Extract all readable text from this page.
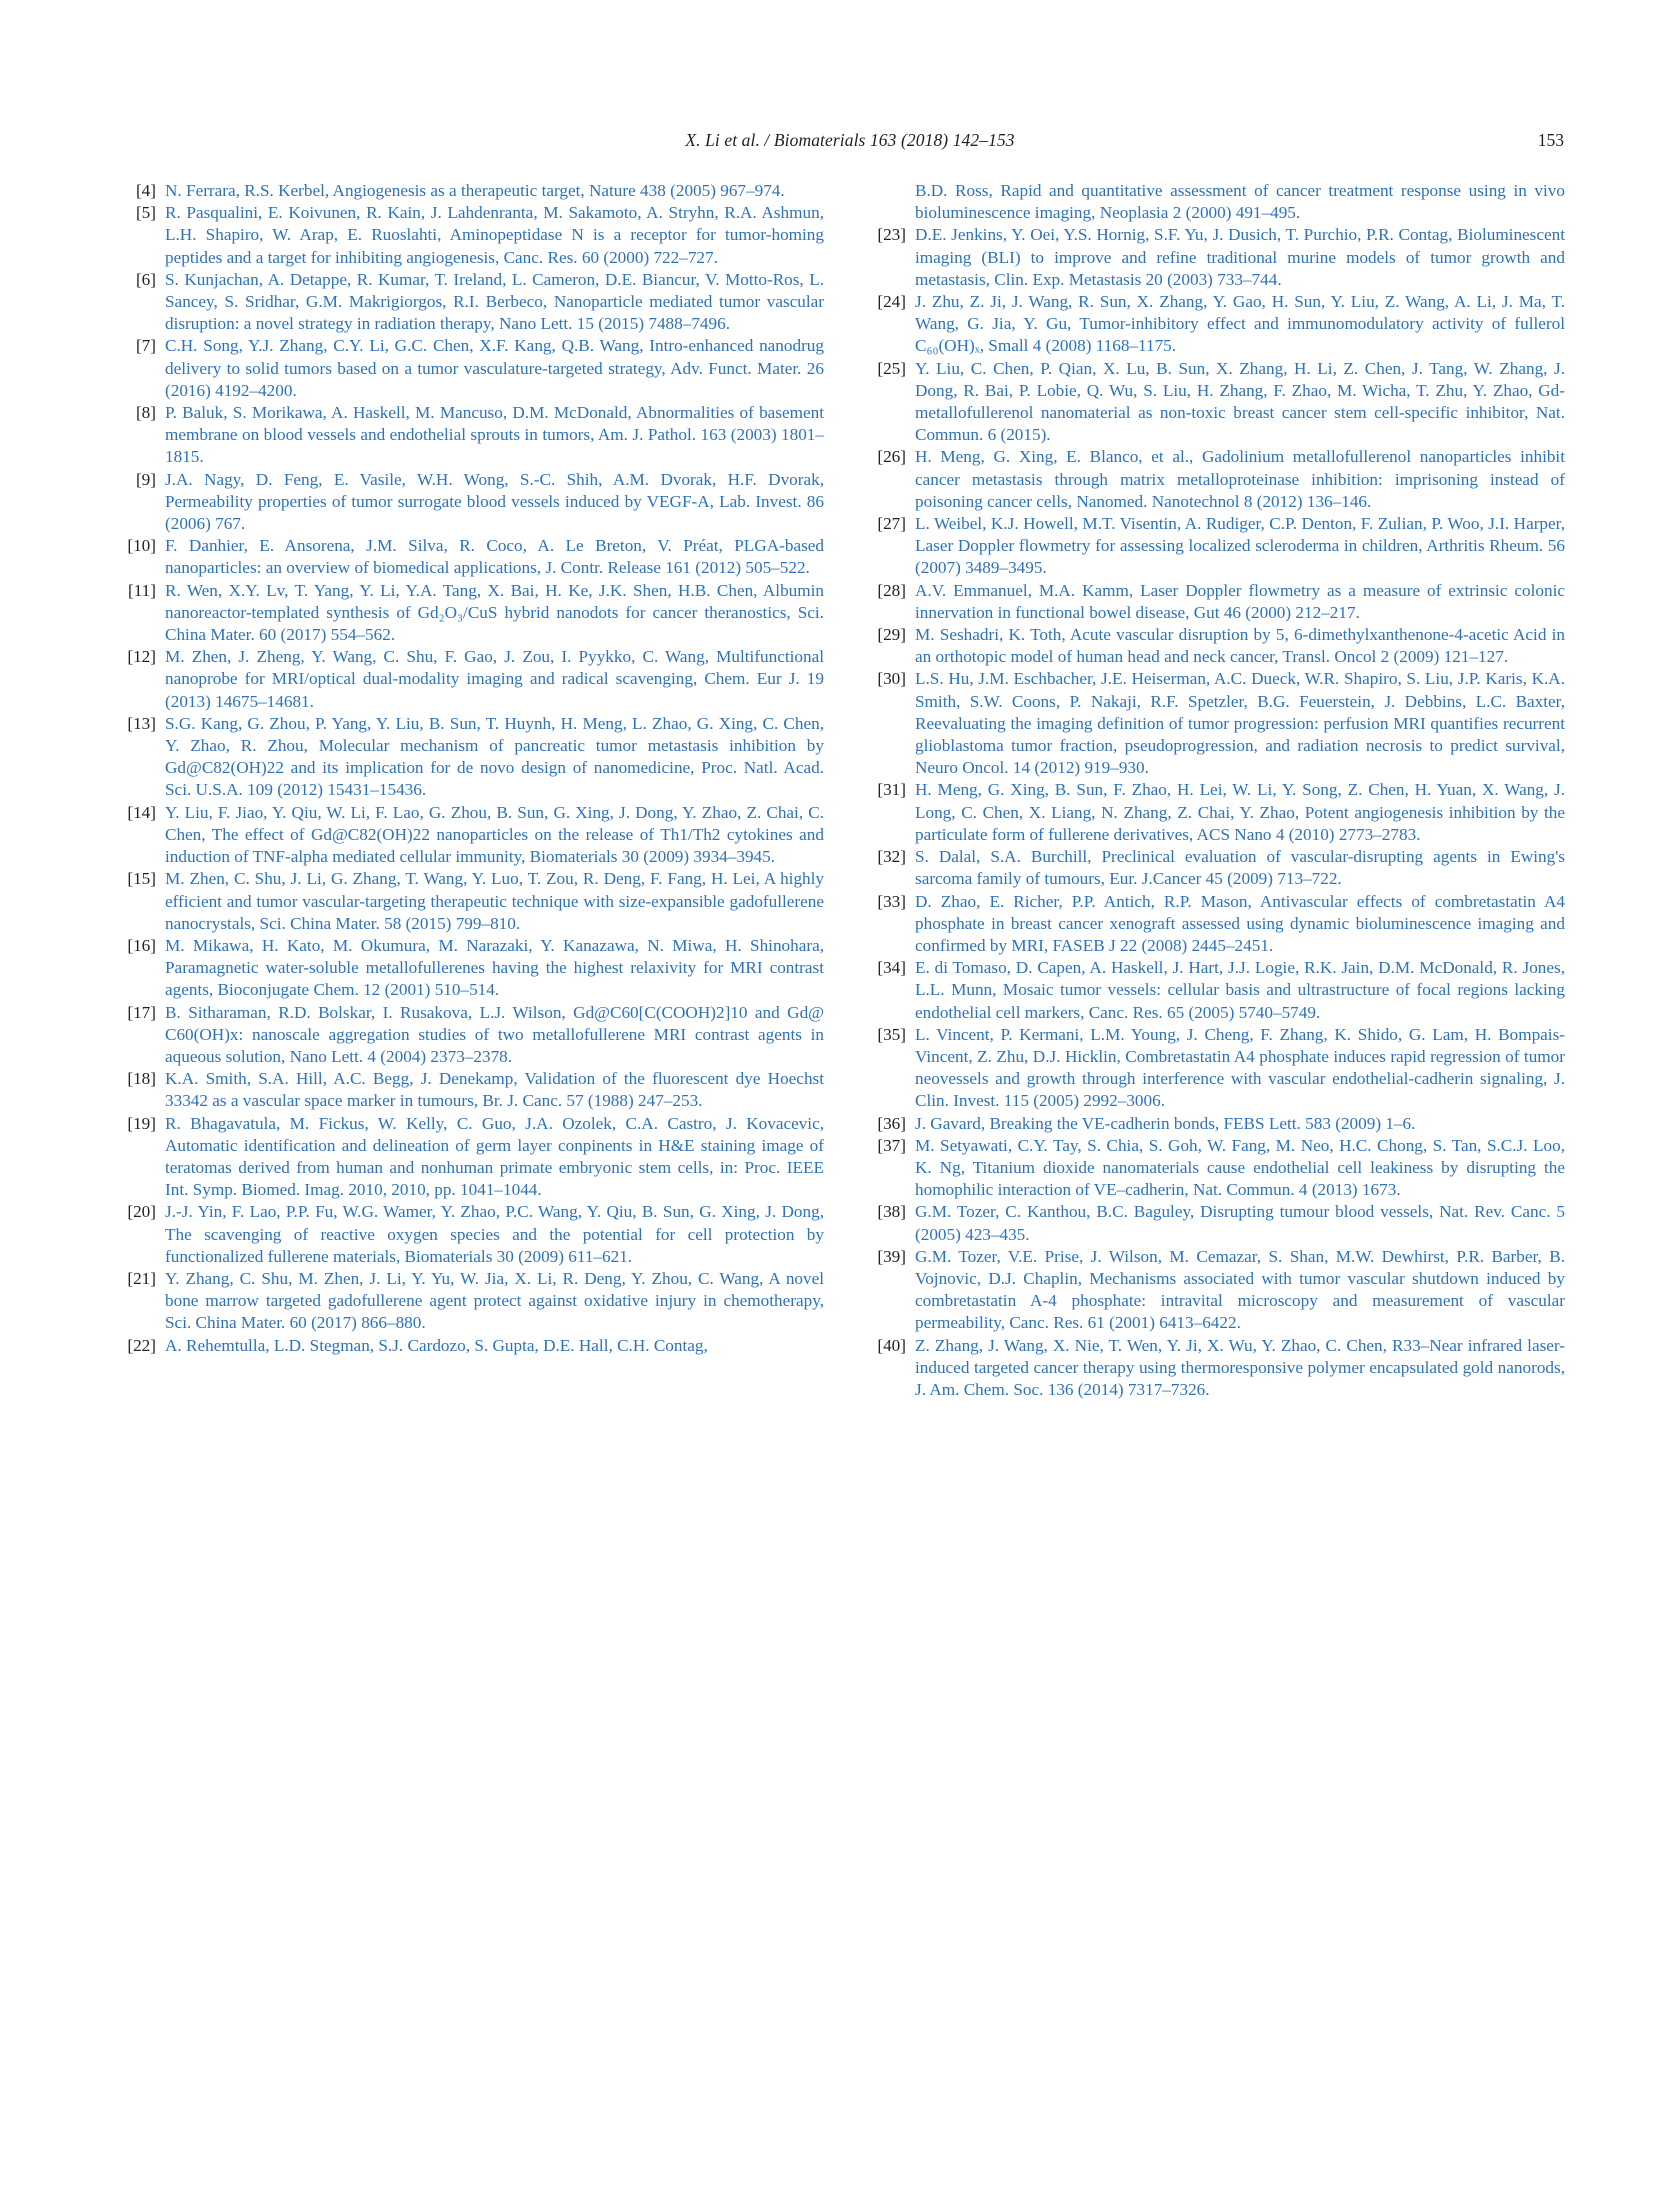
X. Li et al. / Biomaterials 163 (2018) 142–153	153
[4] N. Ferrara, R.S. Kerbel, Angiogenesis as a therapeutic target, Nature 438 (2005) 967–974.
[5] R. Pasqualini, E. Koivunen, R. Kain, J. Lahdenranta, M. Sakamoto, A. Stryhn, R.A. Ashmun, L.H. Shapiro, W. Arap, E. Ruoslahti, Aminopeptidase N is a receptor for tumor-homing peptides and a target for inhibiting angiogenesis, Canc. Res. 60 (2000) 722–727.
[6] S. Kunjachan, A. Detappe, R. Kumar, T. Ireland, L. Cameron, D.E. Biancur, V. Motto-Ros, L. Sancey, S. Sridhar, G.M. Makrigiorgos, R.I. Berbeco, Nanoparticle mediated tumor vascular disruption: a novel strategy in radiation therapy, Nano Lett. 15 (2015) 7488–7496.
[7] C.H. Song, Y.J. Zhang, C.Y. Li, G.C. Chen, X.F. Kang, Q.B. Wang, Intro-enhanced nanodrug delivery to solid tumors based on a tumor vasculature-targeted strategy, Adv. Funct. Mater. 26 (2016) 4192–4200.
[8] P. Baluk, S. Morikawa, A. Haskell, M. Mancuso, D.M. McDonald, Abnormalities of basement membrane on blood vessels and endothelial sprouts in tumors, Am. J. Pathol. 163 (2003) 1801–1815.
[9] J.A. Nagy, D. Feng, E. Vasile, W.H. Wong, S.-C. Shih, A.M. Dvorak, H.F. Dvorak, Permeability properties of tumor surrogate blood vessels induced by VEGF-A, Lab. Invest. 86 (2006) 767.
[10] F. Danhier, E. Ansorena, J.M. Silva, R. Coco, A. Le Breton, V. Préat, PLGA-based nanoparticles: an overview of biomedical applications, J. Contr. Release 161 (2012) 505–522.
[11] R. Wen, X.Y. Lv, T. Yang, Y. Li, Y.A. Tang, X. Bai, H. Ke, J.K. Shen, H.B. Chen, Albumin nanoreactor-templated synthesis of Gd₂O₃/CuS hybrid nanodots for cancer theranostics, Sci. China Mater. 60 (2017) 554–562.
[12] M. Zhen, J. Zheng, Y. Wang, C. Shu, F. Gao, J. Zou, I. Pyykko, C. Wang, Multifunctional nanoprobe for MRI/optical dual-modality imaging and radical scavenging, Chem. Eur J. 19 (2013) 14675–14681.
[13] S.G. Kang, G. Zhou, P. Yang, Y. Liu, B. Sun, T. Huynh, H. Meng, L. Zhao, G. Xing, C. Chen, Y. Zhao, R. Zhou, Molecular mechanism of pancreatic tumor metastasis inhibition by Gd@C82(OH)22 and its implication for de novo design of nanomedicine, Proc. Natl. Acad. Sci. U.S.A. 109 (2012) 15431–15436.
[14] Y. Liu, F. Jiao, Y. Qiu, W. Li, F. Lao, G. Zhou, B. Sun, G. Xing, J. Dong, Y. Zhao, Z. Chai, C. Chen, The effect of Gd@C82(OH)22 nanoparticles on the release of Th1/Th2 cytokines and induction of TNF-alpha mediated cellular immunity, Biomaterials 30 (2009) 3934–3945.
[15] M. Zhen, C. Shu, J. Li, G. Zhang, T. Wang, Y. Luo, T. Zou, R. Deng, F. Fang, H. Lei, A highly efficient and tumor vascular-targeting therapeutic technique with size-expansible gadofullerene nanocrystals, Sci. China Mater. 58 (2015) 799–810.
[16] M. Mikawa, H. Kato, M. Okumura, M. Narazaki, Y. Kanazawa, N. Miwa, H. Shinohara, Paramagnetic water-soluble metallofullerenes having the highest relaxivity for MRI contrast agents, Bioconjugate Chem. 12 (2001) 510–514.
[17] B. Sitharaman, R.D. Bolskar, I. Rusakova, L.J. Wilson, Gd@C60[C(COOH)2]10 and Gd@ C60(OH)x: nanoscale aggregation studies of two metallofullerene MRI contrast agents in aqueous solution, Nano Lett. 4 (2004) 2373–2378.
[18] K.A. Smith, S.A. Hill, A.C. Begg, J. Denekamp, Validation of the fluorescent dye Hoechst 33342 as a vascular space marker in tumours, Br. J. Canc. 57 (1988) 247–253.
[19] R. Bhagavatula, M. Fickus, W. Kelly, C. Guo, J.A. Ozolek, C.A. Castro, J. Kovacevic, Automatic identification and delineation of germ layer conpinents in H&E staining image of teratomas derived from human and nonhuman primate embryonic stem cells, in: Proc. IEEE Int. Symp. Biomed. Imag. 2010, 2010, pp. 1041–1044.
[20] J.-J. Yin, F. Lao, P.P. Fu, W.G. Wamer, Y. Zhao, P.C. Wang, Y. Qiu, B. Sun, G. Xing, J. Dong, The scavenging of reactive oxygen species and the potential for cell protection by functionalized fullerene materials, Biomaterials 30 (2009) 611–621.
[21] Y. Zhang, C. Shu, M. Zhen, J. Li, Y. Yu, W. Jia, X. Li, R. Deng, Y. Zhou, C. Wang, A novel bone marrow targeted gadofullerene agent protect against oxidative injury in chemotherapy, Sci. China Mater. 60 (2017) 866–880.
[22] A. Rehemtulla, L.D. Stegman, S.J. Cardozo, S. Gupta, D.E. Hall, C.H. Contag,
B.D. Ross, Rapid and quantitative assessment of cancer treatment response using in vivo bioluminescence imaging, Neoplasia 2 (2000) 491–495.
[23] D.E. Jenkins, Y. Oei, Y.S. Hornig, S.F. Yu, J. Dusich, T. Purchio, P.R. Contag, Bioluminescent imaging (BLI) to improve and refine traditional murine models of tumor growth and metastasis, Clin. Exp. Metastasis 20 (2003) 733–744.
[24] J. Zhu, Z. Ji, J. Wang, R. Sun, X. Zhang, Y. Gao, H. Sun, Y. Liu, Z. Wang, A. Li, J. Ma, T. Wang, G. Jia, Y. Gu, Tumor-inhibitory effect and immunomodulatory activity of fullerol C₆₀(OH)ₓ, Small 4 (2008) 1168–1175.
[25] Y. Liu, C. Chen, P. Qian, X. Lu, B. Sun, X. Zhang, H. Li, Z. Chen, J. Tang, W. Zhang, J. Dong, R. Bai, P. Lobie, Q. Wu, S. Liu, H. Zhang, F. Zhao, M. Wicha, T. Zhu, Y. Zhao, Gd-metallofullerenol nanomaterial as non-toxic breast cancer stem cell-specific inhibitor, Nat. Commun. 6 (2015).
[26] H. Meng, G. Xing, E. Blanco, et al., Gadolinium metallofullerenol nanoparticles inhibit cancer metastasis through matrix metalloproteinase inhibition: imprisoning instead of poisoning cancer cells, Nanomed. Nanotechnol 8 (2012) 136–146.
[27] L. Weibel, K.J. Howell, M.T. Visentin, A. Rudiger, C.P. Denton, F. Zulian, P. Woo, J.I. Harper, Laser Doppler flowmetry for assessing localized scleroderma in children, Arthritis Rheum. 56 (2007) 3489–3495.
[28] A.V. Emmanuel, M.A. Kamm, Laser Doppler flowmetry as a measure of extrinsic colonic innervation in functional bowel disease, Gut 46 (2000) 212–217.
[29] M. Seshadri, K. Toth, Acute vascular disruption by 5, 6-dimethylxanthenone-4-acetic Acid in an orthotopic model of human head and neck cancer, Transl. Oncol 2 (2009) 121–127.
[30] L.S. Hu, J.M. Eschbacher, J.E. Heiserman, A.C. Dueck, W.R. Shapiro, S. Liu, J.P. Karis, K.A. Smith, S.W. Coons, P. Nakaji, R.F. Spetzler, B.G. Feuerstein, J. Debbins, L.C. Baxter, Reevaluating the imaging definition of tumor progression: perfusion MRI quantifies recurrent glioblastoma tumor fraction, pseudoprogression, and radiation necrosis to predict survival, Neuro Oncol. 14 (2012) 919–930.
[31] H. Meng, G. Xing, B. Sun, F. Zhao, H. Lei, W. Li, Y. Song, Z. Chen, H. Yuan, X. Wang, J. Long, C. Chen, X. Liang, N. Zhang, Z. Chai, Y. Zhao, Potent angiogenesis inhibition by the particulate form of fullerene derivatives, ACS Nano 4 (2010) 2773–2783.
[32] S. Dalal, S.A. Burchill, Preclinical evaluation of vascular-disrupting agents in Ewing's sarcoma family of tumours, Eur. J.Cancer 45 (2009) 713–722.
[33] D. Zhao, E. Richer, P.P. Antich, R.P. Mason, Antivascular effects of combretastatin A4 phosphate in breast cancer xenograft assessed using dynamic bioluminescence imaging and confirmed by MRI, FASEB J 22 (2008) 2445–2451.
[34] E. di Tomaso, D. Capen, A. Haskell, J. Hart, J.J. Logie, R.K. Jain, D.M. McDonald, R. Jones, L.L. Munn, Mosaic tumor vessels: cellular basis and ultrastructure of focal regions lacking endothelial cell markers, Canc. Res. 65 (2005) 5740–5749.
[35] L. Vincent, P. Kermani, L.M. Young, J. Cheng, F. Zhang, K. Shido, G. Lam, H. Bompais-Vincent, Z. Zhu, D.J. Hicklin, Combretastatin A4 phosphate induces rapid regression of tumor neovessels and growth through interference with vascular endothelial-cadherin signaling, J. Clin. Invest. 115 (2005) 2992–3006.
[36] J. Gavard, Breaking the VE-cadherin bonds, FEBS Lett. 583 (2009) 1–6.
[37] M. Setyawati, C.Y. Tay, S. Chia, S. Goh, W. Fang, M. Neo, H.C. Chong, S. Tan, S.C.J. Loo, K. Ng, Titanium dioxide nanomaterials cause endothelial cell leakiness by disrupting the homophilic interaction of VE–cadherin, Nat. Commun. 4 (2013) 1673.
[38] G.M. Tozer, C. Kanthou, B.C. Baguley, Disrupting tumour blood vessels, Nat. Rev. Canc. 5 (2005) 423–435.
[39] G.M. Tozer, V.E. Prise, J. Wilson, M. Cemazar, S. Shan, M.W. Dewhirst, P.R. Barber, B. Vojnovic, D.J. Chaplin, Mechanisms associated with tumor vascular shutdown induced by combretastatin A-4 phosphate: intravital microscopy and measurement of vascular permeability, Canc. Res. 61 (2001) 6413–6422.
[40] Z. Zhang, J. Wang, X. Nie, T. Wen, Y. Ji, X. Wu, Y. Zhao, C. Chen, R33–Near infrared laser-induced targeted cancer therapy using thermoresponsive polymer encapsulated gold nanorods, J. Am. Chem. Soc. 136 (2014) 7317–7326.
